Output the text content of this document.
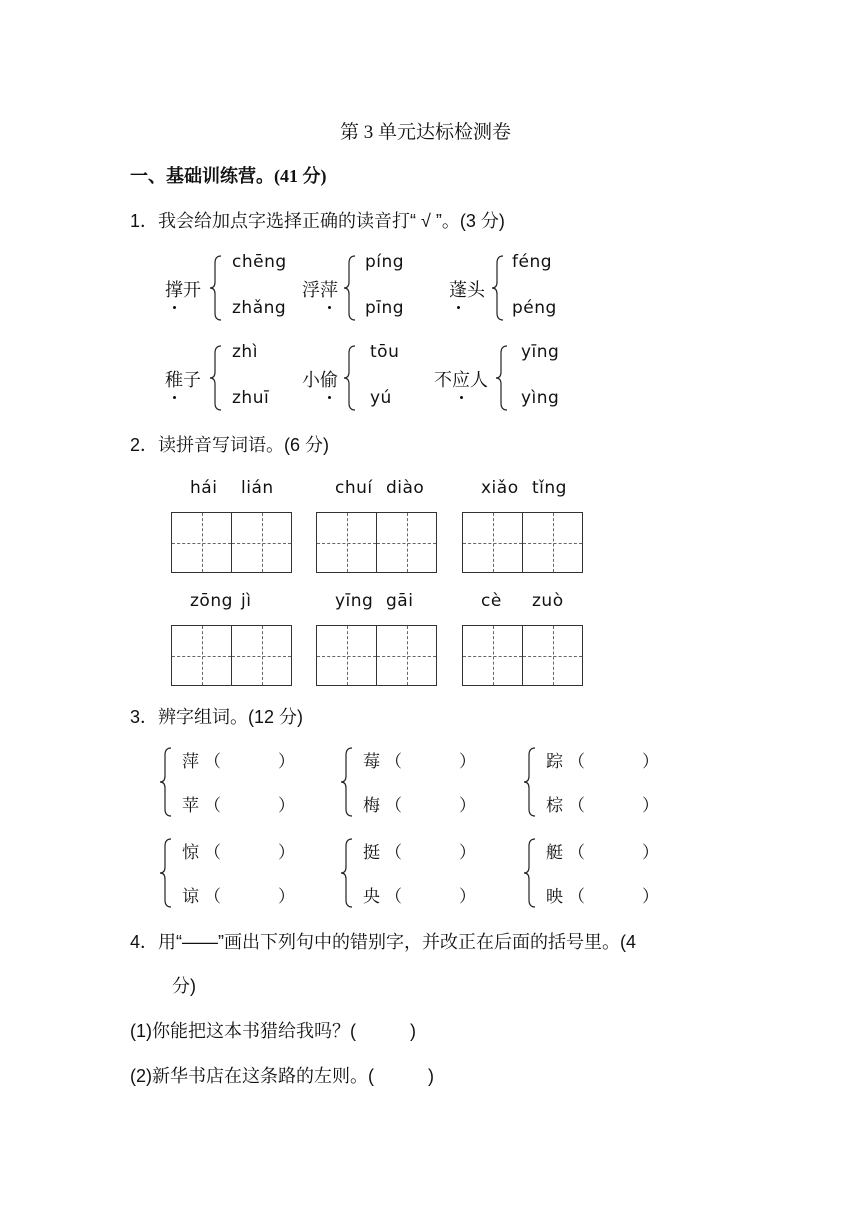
第 3 单元达标检测卷
一、基础训练营。(41 分)
1．我会给加点字选择正确的读音打“ √ ”。(3 分)
撑开
chēng
zhǎng
浮萍
píng
pīng
蓬头
féng
péng
稚子
zhì
zhuī
小偷
tōu
yú
不应人
yīng
yìng
2．读拼音写词语。(6 分)
hái lián	chuí diào	xiǎo tǐng
zōng jì	yīng gāi	cè zuò
3．辨字组词。(12 分)
萍 （	）
苹 （	）
莓 （	）
梅 （	）
踪 （	）
棕 （	）
惊 （	）
谅 （	）
挺 （	）
央 （	）
艇 （	）
映 （	）
4．用“——”画出下列句中的错别字，并改正在后面的括号里。(4
分)
(1)你能把这本书猎给我吗？(　　　)
(2)新华书店在这条路的左则。(　　　)
